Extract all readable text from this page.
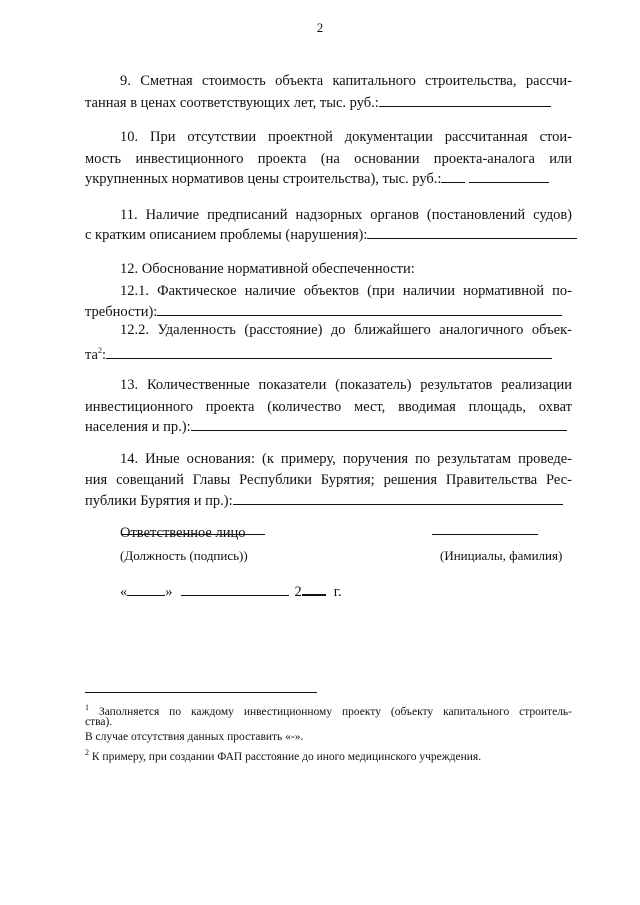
2
9. Сметная стоимость объекта капитального строительства, рассчи-
танная в ценах соответствующих лет, тыс. руб.:
10. При отсутствии проектной документации рассчитанная стои-
мость инвестиционного проекта (на основании проекта-аналога или
укрупненных нормативов цены строительства), тыс. руб.:
11. Наличие предписаний надзорных органов (постановлений судов)
с кратким описанием проблемы (нарушения):
12. Обоснование нормативной обеспеченности:
12.1. Фактическое наличие объектов (при наличии нормативной по-
требности):
12.2. Удаленность (расстояние) до ближайшего аналогичного объек-
$та^2$:
13. Количественные показатели (показатель) результатов реализации
инвестиционного проекта (количество мест, вводимая площадь, охват
населения и пр.):
14. Иные основания: (к примеру, поручения по результатам проведе-
ния совещаний Главы Республики Бурятия; решения Правительства Рес-
публики Бурятия и пр.):
Ответственное лицо
(Должность (подпись))	(Инициалы, фамилия)
«	»	2 г.
$^1$ Заполняется по каждому инвестиционному проекту (объекту капитального строитель-
ства).
В случае отсутствия данных проставить «-».
$^2$ К примеру, при создании ФАП расстояние до иного медицинского учреждения.
